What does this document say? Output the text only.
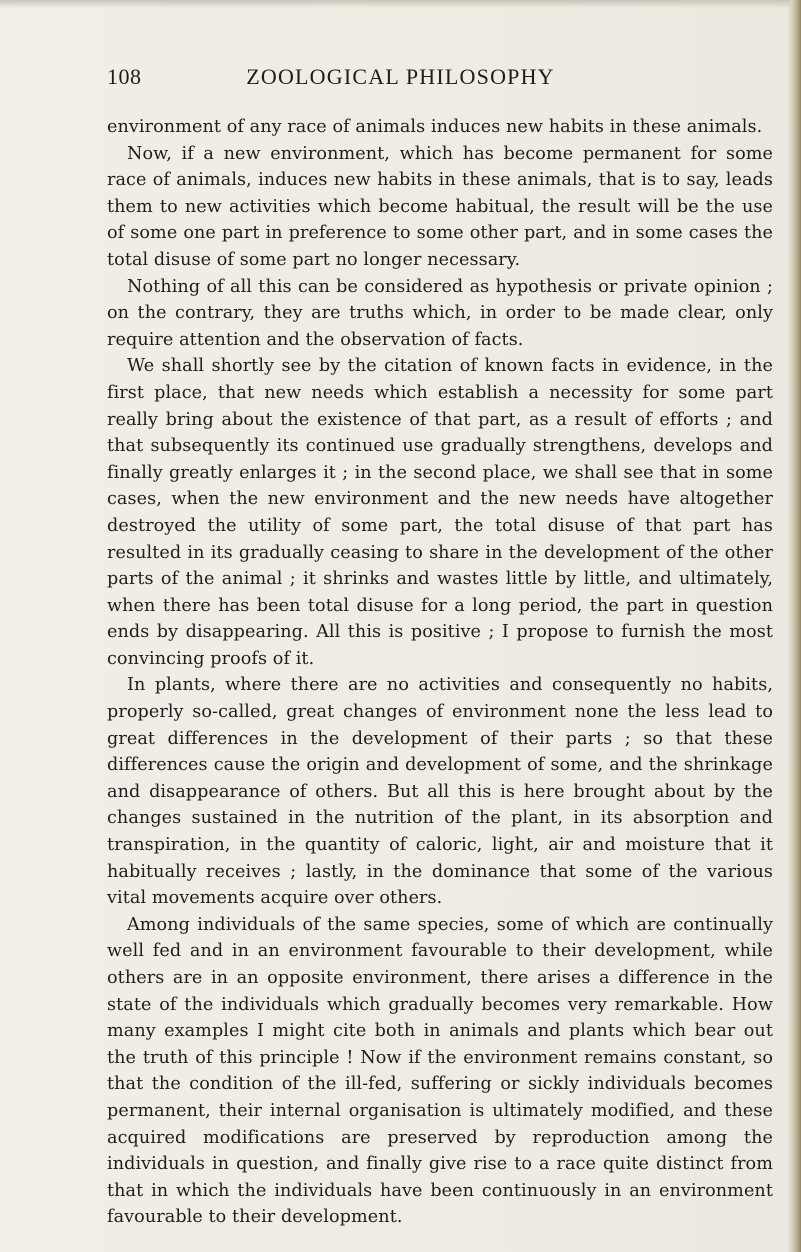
108	ZOOLOGICAL PHILOSOPHY

environment of any race of animals induces new habits in these animals.

Now, if a new environment, which has become permanent for some race of animals, induces new habits in these animals, that is to say, leads them to new activities which become habitual, the result will be the use of some one part in preference to some other part, and in some cases the total disuse of some part no longer necessary.

Nothing of all this can be considered as hypothesis or private opinion ; on the contrary, they are truths which, in order to be made clear, only require attention and the observation of facts.

We shall shortly see by the citation of known facts in evidence, in the first place, that new needs which establish a necessity for some part really bring about the existence of that part, as a result of efforts ; and that subsequently its continued use gradually strengthens, develops and finally greatly enlarges it ; in the second place, we shall see that in some cases, when the new environment and the new needs have altogether destroyed the utility of some part, the total disuse of that part has resulted in its gradually ceasing to share in the development of the other parts of the animal ; it shrinks and wastes little by little, and ultimately, when there has been total disuse for a long period, the part in question ends by disappearing. All this is positive ; I propose to furnish the most convincing proofs of it.

In plants, where there are no activities and consequently no habits, properly so-called, great changes of environment none the less lead to great differences in the development of their parts ; so that these differences cause the origin and development of some, and the shrinkage and disappearance of others. But all this is here brought about by the changes sustained in the nutrition of the plant, in its absorption and transpiration, in the quantity of caloric, light, air and moisture that it habitually receives ; lastly, in the dominance that some of the various vital movements acquire over others.

Among individuals of the same species, some of which are continually well fed and in an environment favourable to their development, while others are in an opposite environment, there arises a difference in the state of the individuals which gradually becomes very remarkable. How many examples I might cite both in animals and plants which bear out the truth of this principle ! Now if the environment remains constant, so that the condition of the ill-fed, suffering or sickly individuals becomes permanent, their internal organisation is ultimately modified, and these acquired modifications are preserved by reproduction among the individuals in question, and finally give rise to a race quite distinct from that in which the individuals have been continuously in an environment favourable to their development.
